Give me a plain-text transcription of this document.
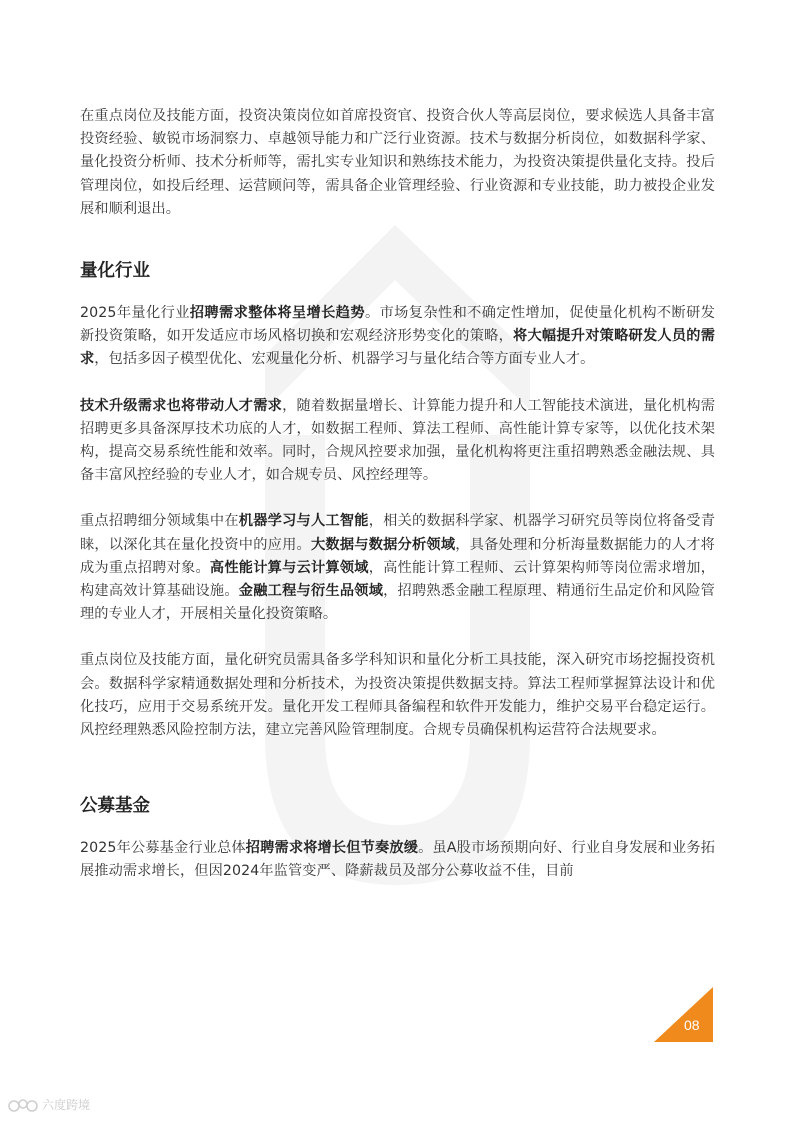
在重点岗位及技能方面，投资决策岗位如首席投资官、投资合伙人等高层岗位，要求候选人具备丰富投资经验、敏锐市场洞察力、卓越领导能力和广泛行业资源。技术与数据分析岗位，如数据科学家、量化投资分析师、技术分析师等，需扎实专业知识和熟练技术能力，为投资决策提供量化支持。投后管理岗位，如投后经理、运营顾问等，需具备企业管理经验、行业资源和专业技能，助力被投企业发展和顺利退出。

量化行业

2025年量化行业招聘需求整体将呈增长趋势。市场复杂性和不确定性增加，促使量化机构不断研发新投资策略，如开发适应市场风格切换和宏观经济形势变化的策略，将大幅提升对策略研发人员的需求，包括多因子模型优化、宏观量化分析、机器学习与量化结合等方面专业人才。

技术升级需求也将带动人才需求，随着数据量增长、计算能力提升和人工智能技术演进，量化机构需招聘更多具备深厚技术功底的人才，如数据工程师、算法工程师、高性能计算专家等，以优化技术架构，提高交易系统性能和效率。同时，合规风控要求加强，量化机构将更注重招聘熟悉金融法规、具备丰富风控经验的专业人才，如合规专员、风控经理等。

重点招聘细分领域集中在机器学习与人工智能，相关的数据科学家、机器学习研究员等岗位将备受青睐，以深化其在量化投资中的应用。大数据与数据分析领域，具备处理和分析海量数据能力的人才将成为重点招聘对象。高性能计算与云计算领域，高性能计算工程师、云计算架构师等岗位需求增加，构建高效计算基础设施。金融工程与衍生品领域，招聘熟悉金融工程原理、精通衍生品定价和风险管理的专业人才，开展相关量化投资策略。

重点岗位及技能方面，量化研究员需具备多学科知识和量化分析工具技能，深入研究市场挖掘投资机会。数据科学家精通数据处理和分析技术，为投资决策提供数据支持。算法工程师掌握算法设计和优化技巧，应用于交易系统开发。量化开发工程师具备编程和软件开发能力，维护交易平台稳定运行。风控经理熟悉风险控制方法，建立完善风险管理制度。合规专员确保机构运营符合法规要求。

公募基金

2025年公募基金行业总体招聘需求将增长但节奏放缓。虽A股市场预期向好、行业自身发展和业务拓展推动需求增长，但因2024年监管变严、降薪裁员及部分公募收益不佳，目前

08
六度跨境
